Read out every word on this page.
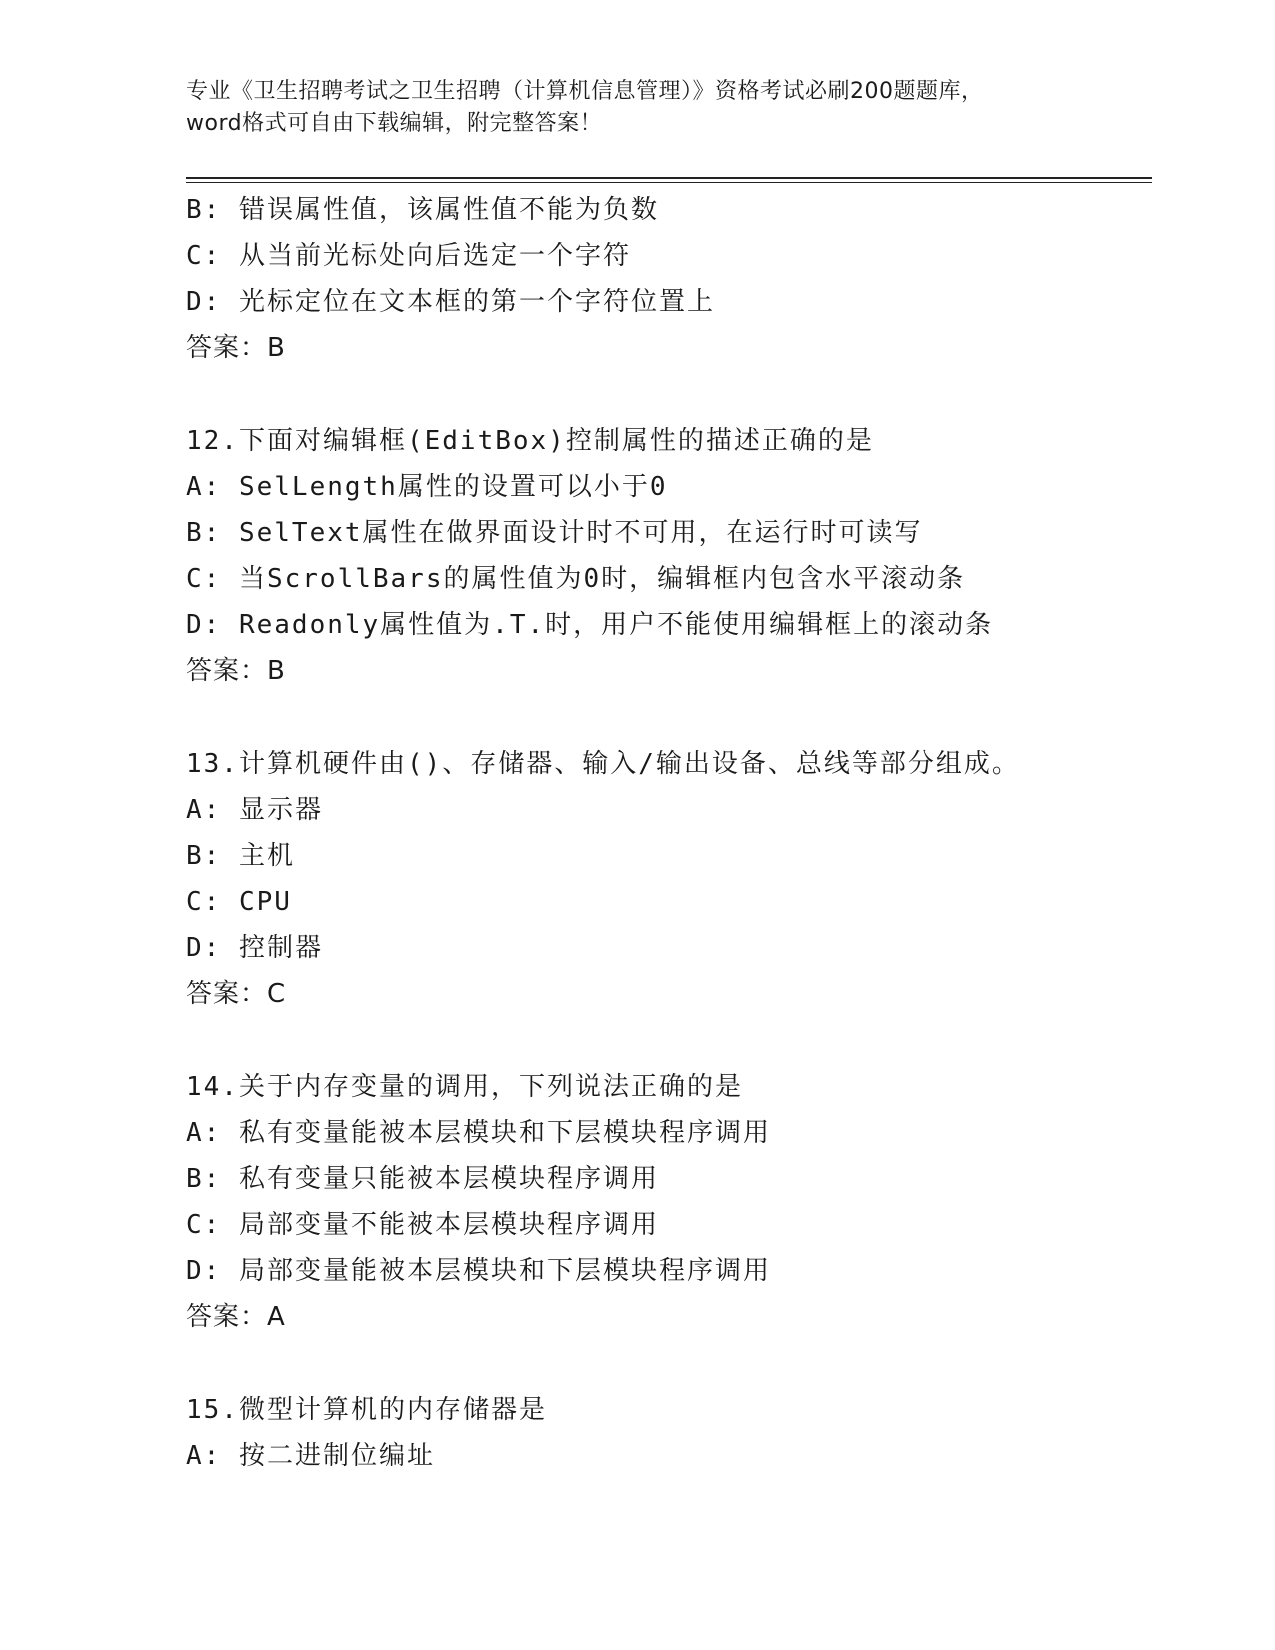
专业《卫生招聘考试之卫生招聘（计算机信息管理）》资格考试必刷200题题库，
word格式可自由下载编辑，附完整答案！
B: 错误属性值，该属性值不能为负数
C: 从当前光标处向后选定一个字符
D: 光标定位在文本框的第一个字符位置上
答案：B
12.下面对编辑框(EditBox)控制属性的描述正确的是
A: SelLength属性的设置可以小于0
B: SelText属性在做界面设计时不可用，在运行时可读写
C: 当ScrollBars的属性值为0时，编辑框内包含水平滚动条
D: Readonly属性值为.T.时，用户不能使用编辑框上的滚动条
答案：B
13.计算机硬件由()、存储器、输入/输出设备、总线等部分组成。
A: 显示器
B: 主机
C: CPU
D: 控制器
答案：C
14.关于内存变量的调用，下列说法正确的是
A: 私有变量能被本层模块和下层模块程序调用
B: 私有变量只能被本层模块程序调用
C: 局部变量不能被本层模块程序调用
D: 局部变量能被本层模块和下层模块程序调用
答案：A
15.微型计算机的内存储器是
A: 按二进制位编址
